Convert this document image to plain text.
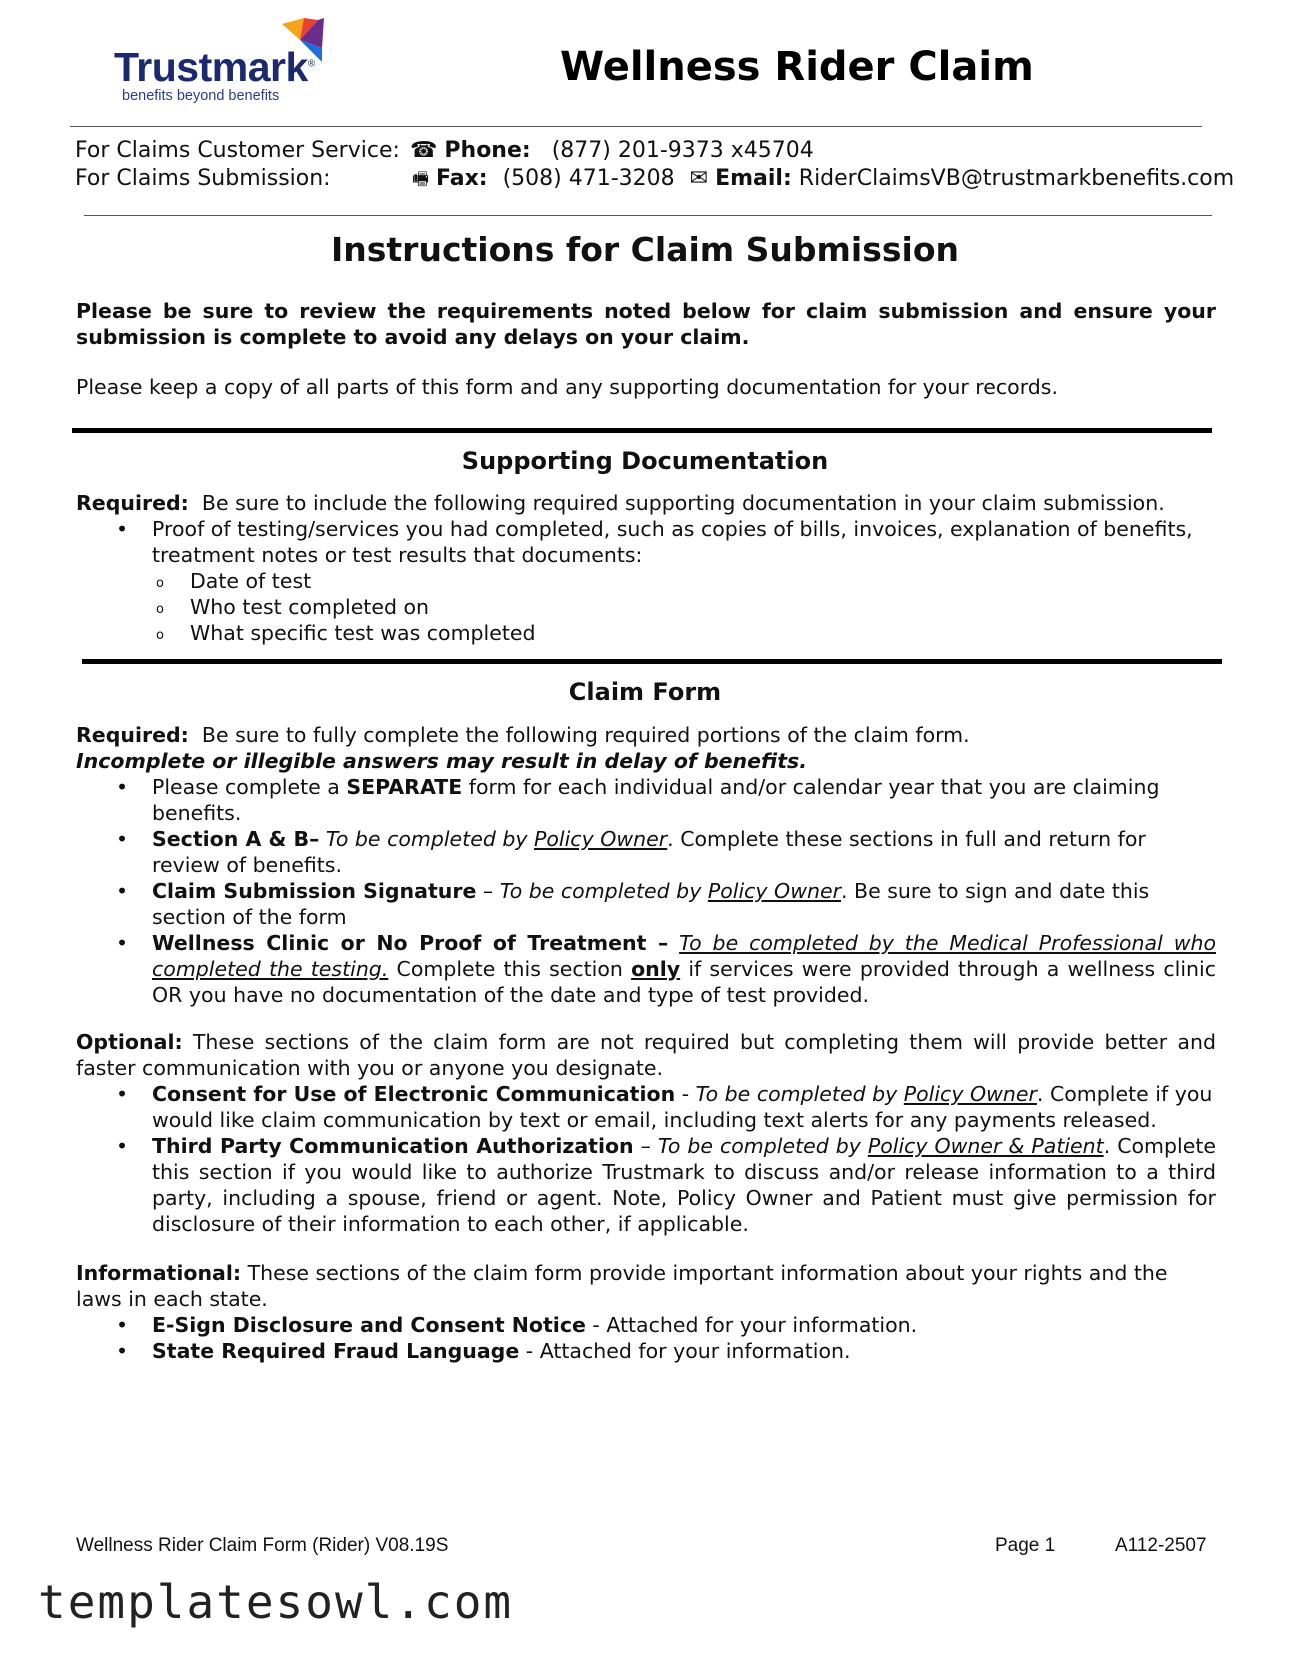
Trustmark®
benefits beyond benefits
Wellness Rider Claim
For Claims Customer Service: ☎ Phone: (877) 201-9373 x45704
For Claims Submission:	🖷 Fax: (508) 471-3208 ✉ Email: RiderClaimsVB@trustmarkbenefits.com
Instructions for Claim Submission
Please be sure to review the requirements noted below for claim submission and ensure your submission is complete to avoid any delays on your claim.
Please keep a copy of all parts of this form and any supporting documentation for your records.
Supporting Documentation
Required: Be sure to include the following required supporting documentation in your claim submission.
• Proof of testing/services you had completed, such as copies of bills, invoices, explanation of benefits, treatment notes or test results that documents:
o Date of test
o Who test completed on
o What specific test was completed
Claim Form
Required: Be sure to fully complete the following required portions of the claim form.
Incomplete or illegible answers may result in delay of benefits.
• Please complete a SEPARATE form for each individual and/or calendar year that you are claiming benefits.
• Section A & B– To be completed by Policy Owner. Complete these sections in full and return for review of benefits.
• Claim Submission Signature – To be completed by Policy Owner. Be sure to sign and date this section of the form
• Wellness Clinic or No Proof of Treatment – To be completed by the Medical Professional who completed the testing. Complete this section only if services were provided through a wellness clinic OR you have no documentation of the date and type of test provided.
Optional: These sections of the claim form are not required but completing them will provide better and faster communication with you or anyone you designate.
• Consent for Use of Electronic Communication - To be completed by Policy Owner. Complete if you would like claim communication by text or email, including text alerts for any payments released.
• Third Party Communication Authorization – To be completed by Policy Owner & Patient. Complete this section if you would like to authorize Trustmark to discuss and/or release information to a third party, including a spouse, friend or agent. Note, Policy Owner and Patient must give permission for disclosure of their information to each other, if applicable.
Informational: These sections of the claim form provide important information about your rights and the laws in each state.
• E-Sign Disclosure and Consent Notice - Attached for your information.
• State Required Fraud Language - Attached for your information.
Wellness Rider Claim Form (Rider) V08.19S	Page 1	A112-2507
templatesowl.com
